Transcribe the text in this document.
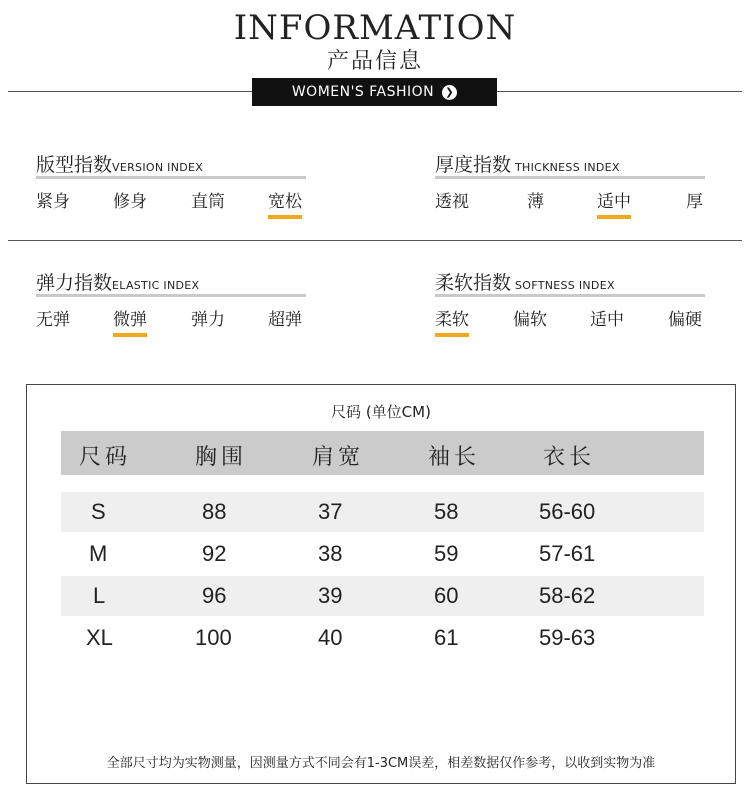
INFORMATION
产品信息
WOMEN'S FASHION	❯
版型指数VERSION INDEX
紧身	修身	直筒	宽松
厚度指数 THICKNESS INDEX
透视	薄	适中	厚
弹力指数ELASTIC INDEX
无弹	微弹	弹力	超弹
柔软指数 SOFTNESS INDEX
柔软	偏软	适中	偏硬
尺码 (单位CM)
尺码	胸围	肩宽	袖长	衣长
S	88	37	58	56-60
M	92	38	59	57-61
L	96	39	60	58-62
XL	100	40	61	59-63
全部尺寸均为实物测量，因测量方式不同会有1-3CM误差，相差数据仅作参考，以收到实物为准
